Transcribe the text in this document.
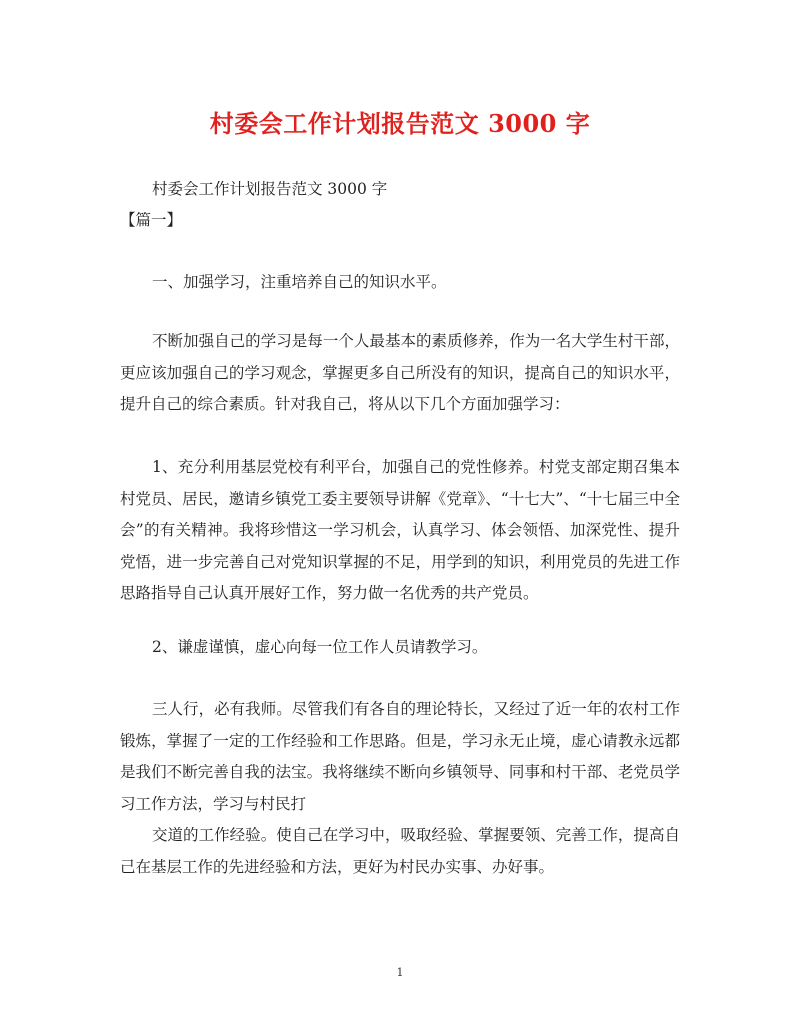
村委会工作计划报告范文 3000 字
村委会工作计划报告范文 3000 字
【篇一】
一、加强学习，注重培养自己的知识水平。
不断加强自己的学习是每一个人最基本的素质修养，作为一名大学生村干部，更应该加强自己的学习观念，掌握更多自己所没有的知识，提高自己的知识水平，提升自己的综合素质。针对我自己，将从以下几个方面加强学习：
1、充分利用基层党校有利平台，加强自己的党性修养。村党支部定期召集本村党员、居民，邀请乡镇党工委主要领导讲解《党章》、“十七大”、“十七届三中全会”的有关精神。我将珍惜这一学习机会，认真学习、体会领悟、加深党性、提升党悟，进一步完善自己对党知识掌握的不足，用学到的知识，利用党员的先进工作思路指导自己认真开展好工作，努力做一名优秀的共产党员。
2、谦虚谨慎，虚心向每一位工作人员请教学习。
三人行，必有我师。尽管我们有各自的理论特长，又经过了近一年的农村工作锻炼，掌握了一定的工作经验和工作思路。但是，学习永无止境，虚心请教永远都是我们不断完善自我的法宝。我将继续不断向乡镇领导、同事和村干部、老党员学习工作方法，学习与村民打
交道的工作经验。使自己在学习中，吸取经验、掌握要领、完善工作，提高自己在基层工作的先进经验和方法，更好为村民办实事、办好事。
1
